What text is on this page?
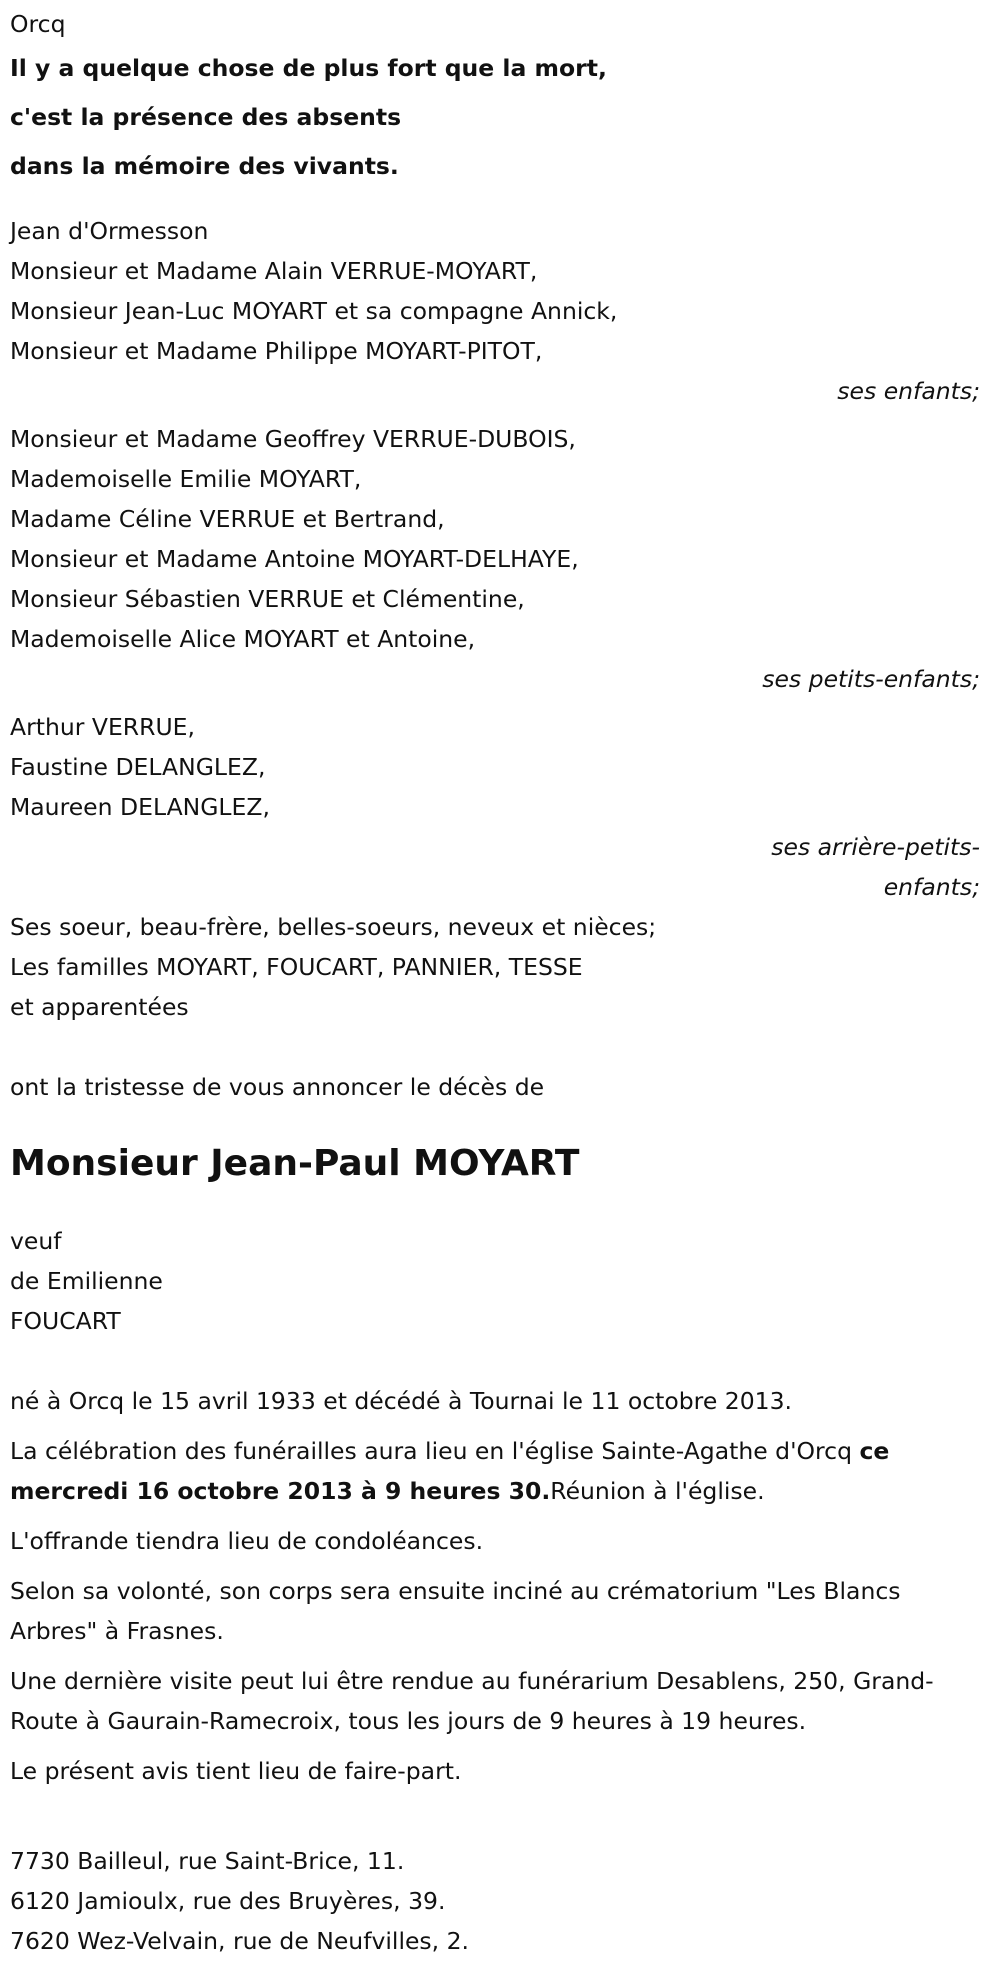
Orcq
Il y a quelque chose de plus fort que la mort,
c'est la présence des absents
dans la mémoire des vivants.
Jean d'Ormesson
Monsieur et Madame Alain VERRUE-MOYART,
Monsieur Jean-Luc MOYART et sa compagne Annick,
Monsieur et Madame Philippe MOYART-PITOT,
ses enfants;
Monsieur et Madame Geoffrey VERRUE-DUBOIS,
Mademoiselle Emilie MOYART,
Madame Céline VERRUE et Bertrand,
Monsieur et Madame Antoine MOYART-DELHAYE,
Monsieur Sébastien VERRUE et Clémentine,
Mademoiselle Alice MOYART et Antoine,
ses petits-enfants;
Arthur VERRUE,
Faustine DELANGLEZ,
Maureen DELANGLEZ,
ses arrière-petits-enfants;
Ses soeur, beau-frère, belles-soeurs, neveux et nièces;
Les familles MOYART, FOUCART, PANNIER, TESSE
et apparentées
ont la tristesse de vous annoncer le décès de
Monsieur Jean-Paul MOYART
veuf
de Emilienne
FOUCART
né à Orcq le 15 avril 1933 et décédé à Tournai le 11 octobre 2013.
La célébration des funérailles aura lieu en l'église Sainte-Agathe d'Orcq ce mercredi 16 octobre 2013 à 9 heures 30.Réunion à l'église.
L'offrande tiendra lieu de condoléances.
Selon sa volonté, son corps sera ensuite inciné au crématorium "Les Blancs Arbres" à Frasnes.
Une dernière visite peut lui être rendue au funérarium Desablens, 250, Grand-Route à Gaurain-Ramecroix, tous les jours de 9 heures à 19 heures.
Le présent avis tient lieu de faire-part.
7730 Bailleul, rue Saint-Brice, 11.
6120 Jamioulx, rue des Bruyères, 39.
7620 Wez-Velvain, rue de Neufvilles, 2.
